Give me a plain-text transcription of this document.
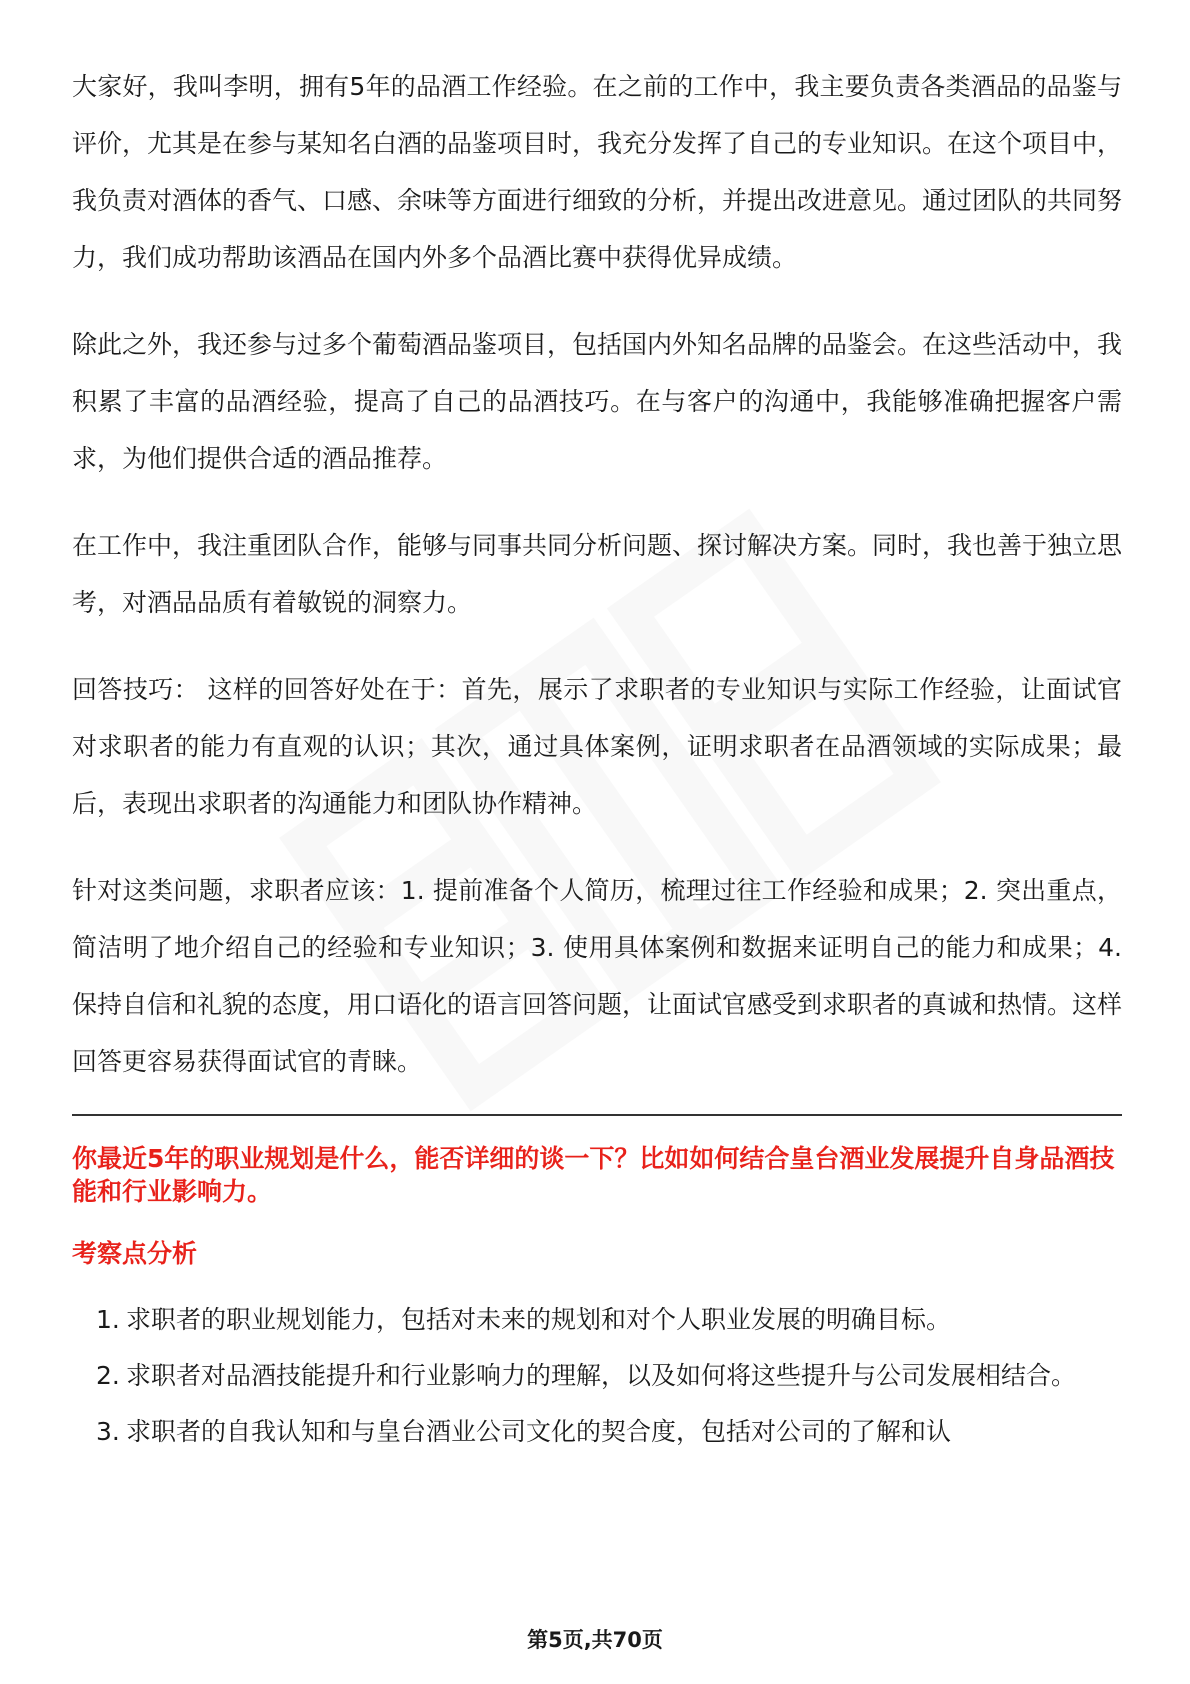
大家好，我叫李明，拥有5年的品酒工作经验。在之前的工作中，我主要负责各类酒品的品鉴与评价，尤其是在参与某知名白酒的品鉴项目时，我充分发挥了自己的专业知识。在这个项目中，我负责对酒体的香气、口感、余味等方面进行细致的分析，并提出改进意见。通过团队的共同努力，我们成功帮助该酒品在国内外多个品酒比赛中获得优异成绩。

除此之外，我还参与过多个葡萄酒品鉴项目，包括国内外知名品牌的品鉴会。在这些活动中，我积累了丰富的品酒经验，提高了自己的品酒技巧。在与客户的沟通中，我能够准确把握客户需求，为他们提供合适的酒品推荐。

在工作中，我注重团队合作，能够与同事共同分析问题、探讨解决方案。同时，我也善于独立思考，对酒品品质有着敏锐的洞察力。

回答技巧： 这样的回答好处在于：首先，展示了求职者的专业知识与实际工作经验，让面试官对求职者的能力有直观的认识；其次，通过具体案例，证明求职者在品酒领域的实际成果；最后，表现出求职者的沟通能力和团队协作精神。

针对这类问题，求职者应该：1. 提前准备个人简历，梳理过往工作经验和成果；2. 突出重点，简洁明了地介绍自己的经验和专业知识；3. 使用具体案例和数据来证明自己的能力和成果；4. 保持自信和礼貌的态度，用口语化的语言回答问题，让面试官感受到求职者的真诚和热情。这样回答更容易获得面试官的青睐。

你最近5年的职业规划是什么，能否详细的谈一下？比如如何结合皇台酒业发展提升自身品酒技能和行业影响力。

考察点分析
1. 求职者的职业规划能力，包括对未来的规划和对个人职业发展的明确目标。
2. 求职者对品酒技能提升和行业影响力的理解，以及如何将这些提升与公司发展相结合。
3. 求职者的自我认知和与皇台酒业公司文化的契合度，包括对公司的了解和认
第5页,共70页
